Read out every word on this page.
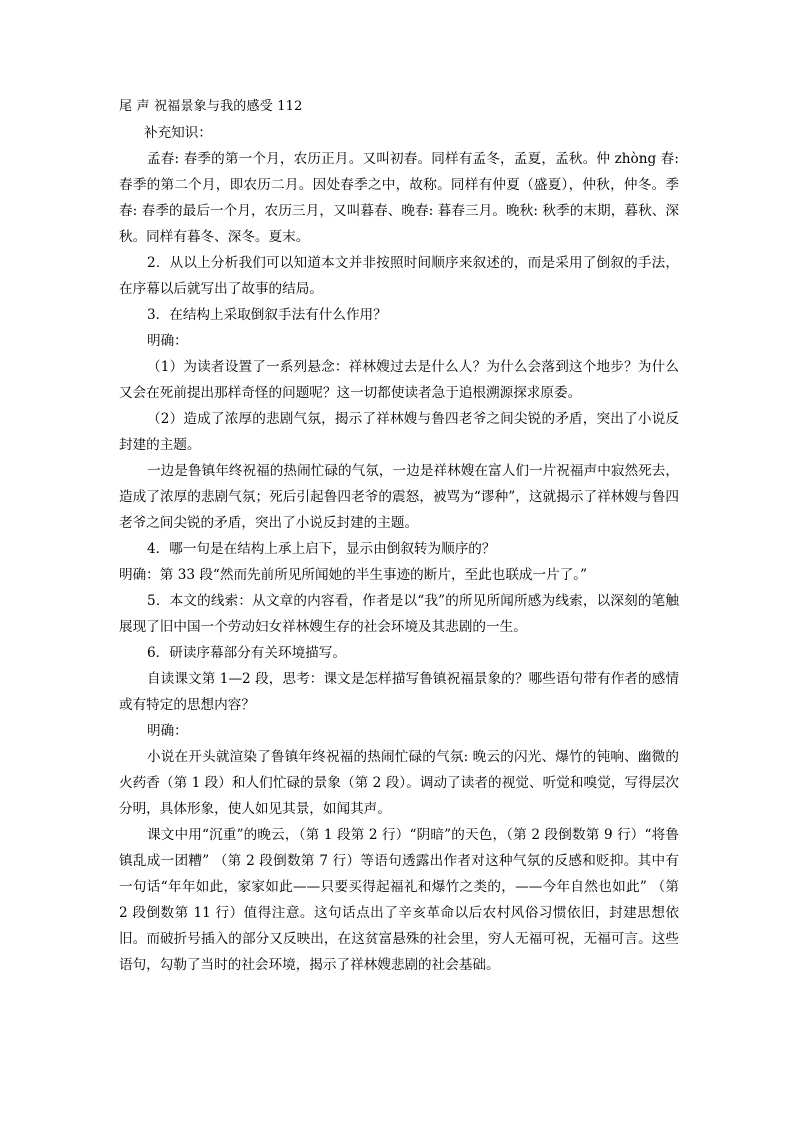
尾 声 祝福景象与我的感受 112

补充知识：

孟春: 春季的第一个月，农历正月。又叫初春。同样有孟冬，孟夏，孟秋。仲 zhòng 春: 春季的第二个月，即农历二月。因处春季之中，故称。同样有仲夏（盛夏），仲秋，仲冬。季春: 春季的最后一个月，农历三月，又叫暮春、晚春: 暮春三月。晚秋: 秋季的末期，暮秋、深秋。同样有暮冬、深冬。夏末。

2．从以上分析我们可以知道本文并非按照时间顺序来叙述的，而是采用了倒叙的手法，在序幕以后就写出了故事的结局。

3．在结构上采取倒叙手法有什么作用？

明确：

（1）为读者设置了一系列悬念：祥林嫂过去是什么人？为什么会落到这个地步？为什么又会在死前提出那样奇怪的问题呢？这一切都使读者急于追根溯源探求原委。

（2）造成了浓厚的悲剧气氛，揭示了祥林嫂与鲁四老爷之间尖锐的矛盾，突出了小说反封建的主题。

一边是鲁镇年终祝福的热闹忙碌的气氛，一边是祥林嫂在富人们一片祝福声中寂然死去，造成了浓厚的悲剧气氛；死后引起鲁四老爷的震怒，被骂为“谬种”，这就揭示了祥林嫂与鲁四老爷之间尖锐的矛盾，突出了小说反封建的主题。

4．哪一句是在结构上承上启下，显示由倒叙转为顺序的？

明确：第 33 段“然而先前所见所闻她的半生事迹的断片，至此也联成一片了。”

5．本文的线索：从文章的内容看，作者是以“我”的所见所闻所感为线索，以深刻的笔触展现了旧中国一个劳动妇女祥林嫂生存的社会环境及其悲剧的一生。

6．研读序幕部分有关环境描写。

自读课文第 1—2 段，思考：课文是怎样描写鲁镇祝福景象的？哪些语句带有作者的感情或有特定的思想内容？

明确：

小说在开头就渲染了鲁镇年终祝福的热闹忙碌的气氛: 晚云的闪光、爆竹的钝响、幽微的火药香（第 1 段）和人们忙碌的景象（第 2 段）。调动了读者的视觉、听觉和嗅觉，写得层次分明，具体形象，使人如见其景，如闻其声。

课文中用“沉重”的晚云，（第 1 段第 2 行）“阴暗”的天色，（第 2 段倒数第 9 行）“将鲁镇乱成一团糟” （第 2 段倒数第 7 行）等语句透露出作者对这种气氛的反感和贬抑。其中有一句话“年年如此，家家如此——只要买得起福礼和爆竹之类的，——今年自然也如此” （第 2 段倒数第 11 行）值得注意。这句话点出了辛亥革命以后农村风俗习惯依旧，封建思想依旧。而破折号插入的部分又反映出，在这贫富悬殊的社会里，穷人无福可祝，无福可言。这些语句，勾勒了当时的社会环境，揭示了祥林嫂悲剧的社会基础。
